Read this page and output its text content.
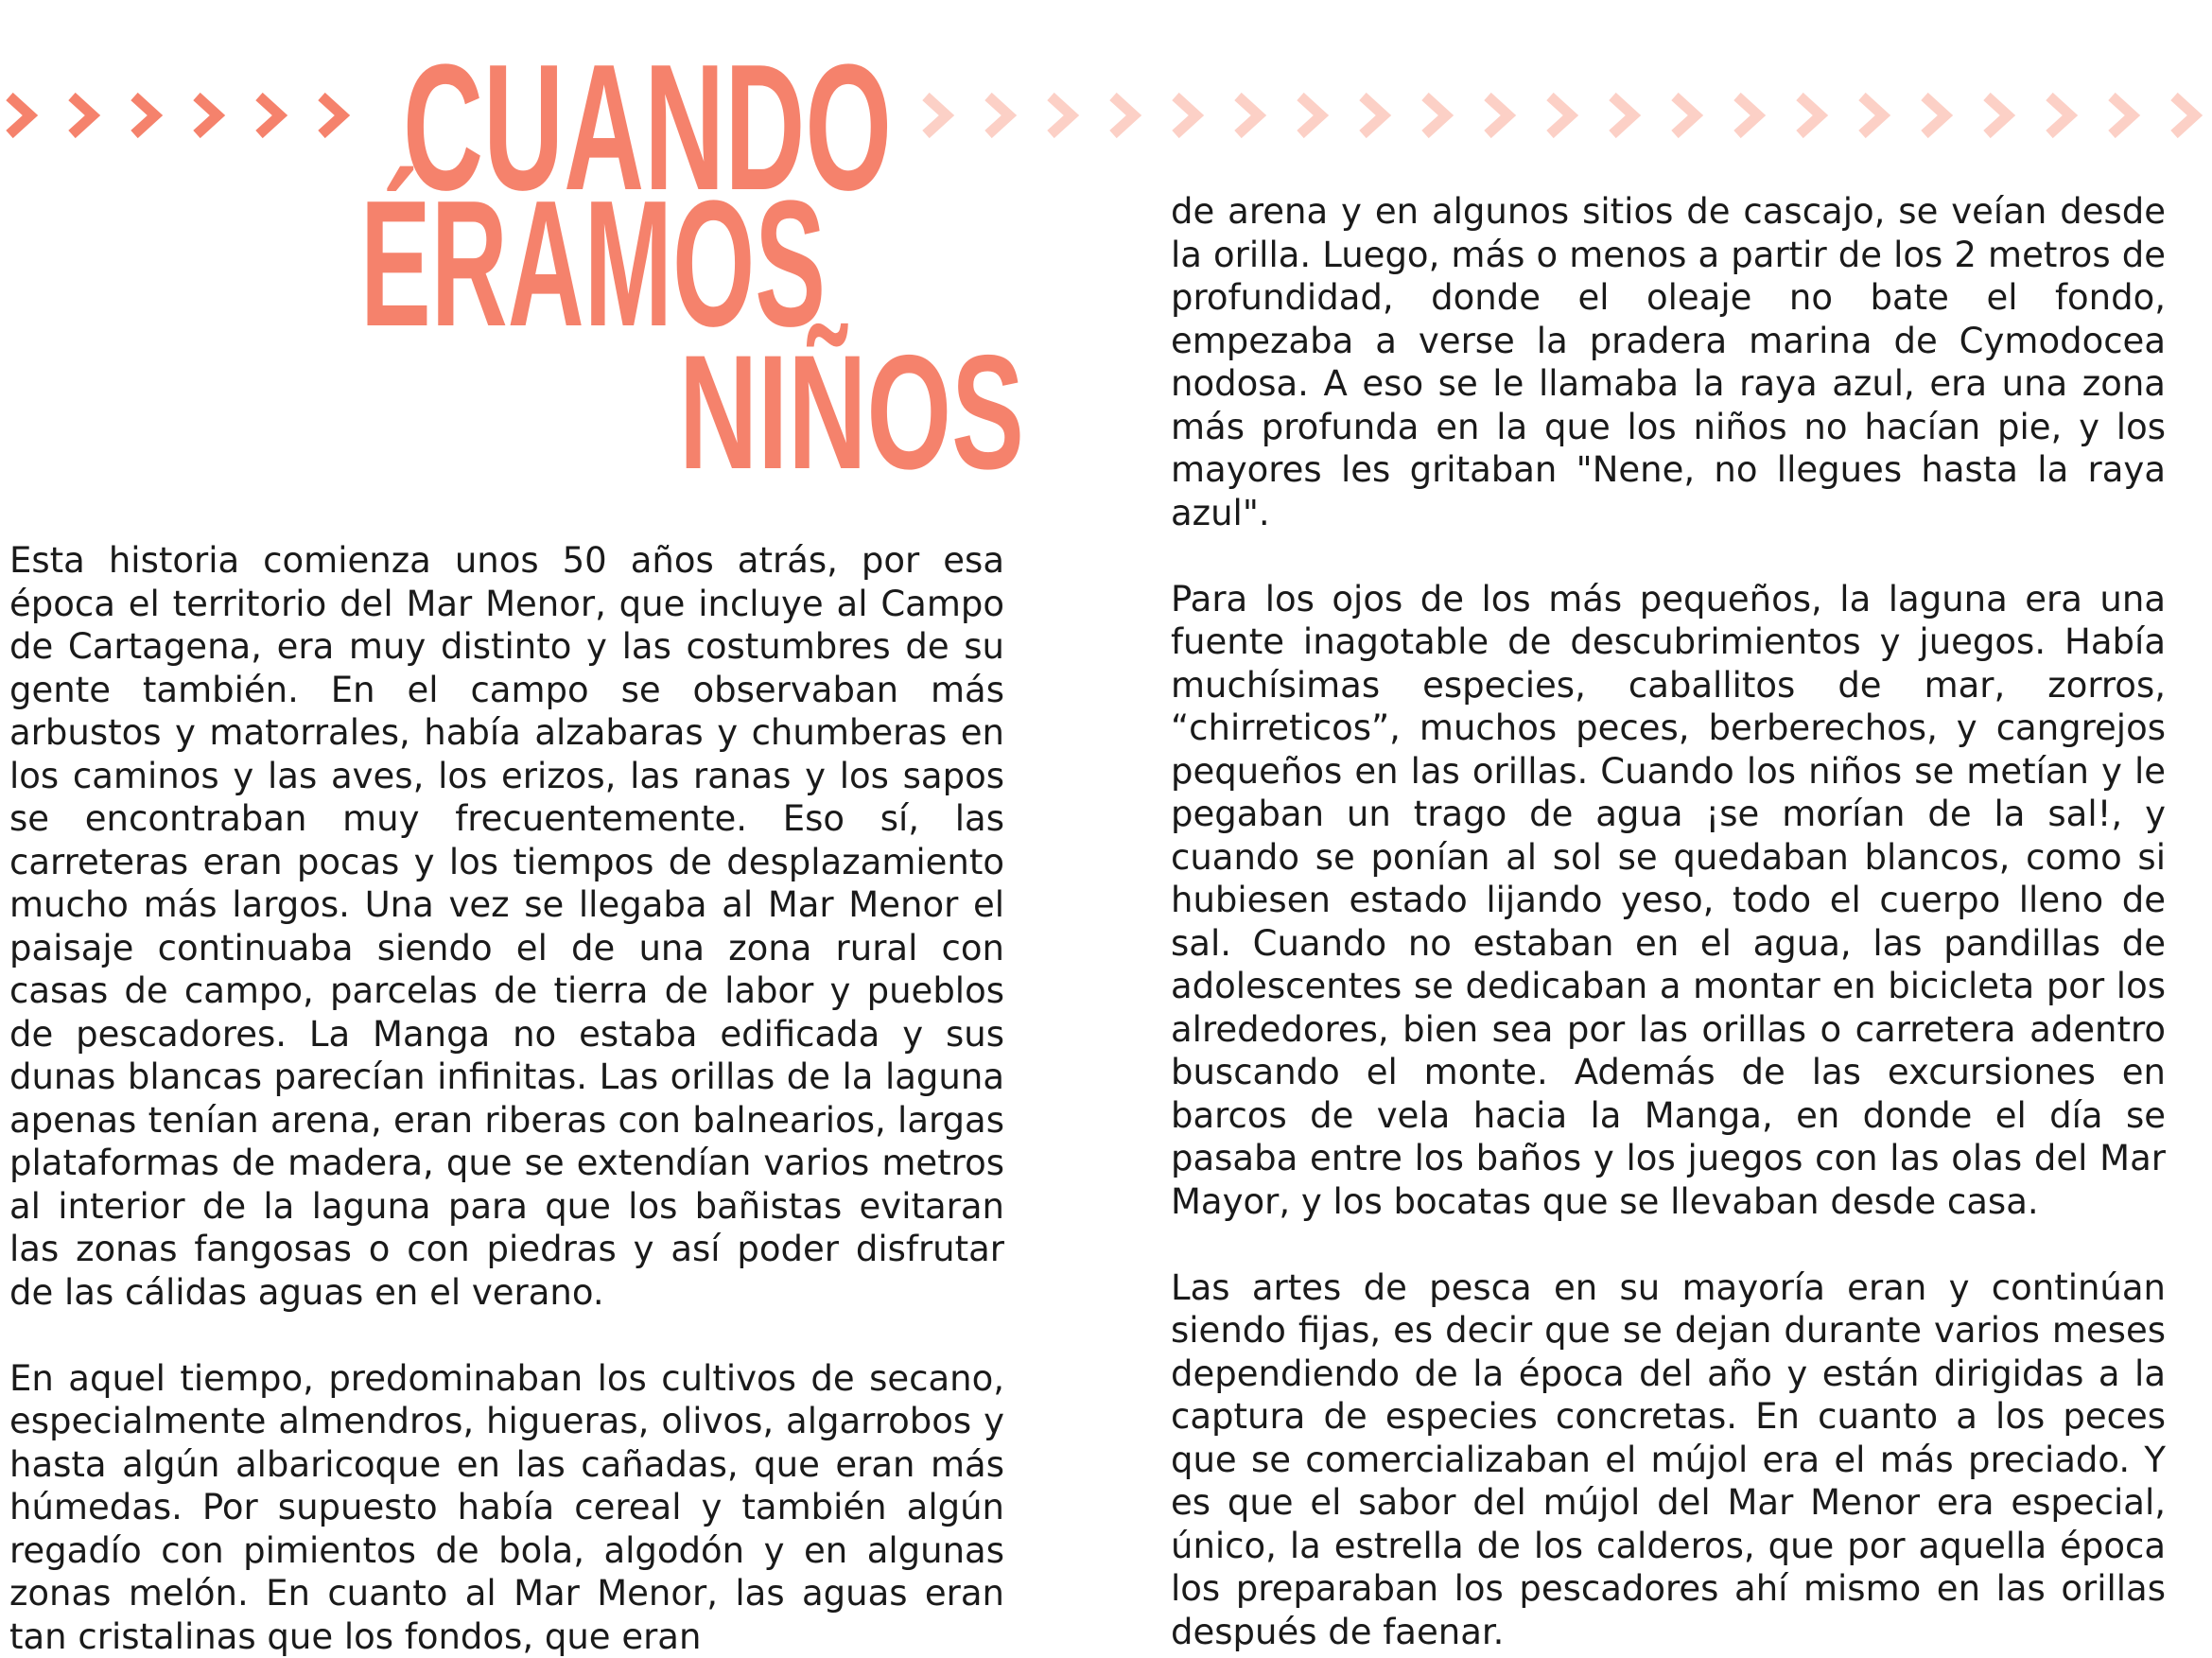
CUANDO
ÉRAMOS
NIÑOS

Esta historia comienza unos 50 años atrás, por esa época el territorio del Mar Menor, que incluye al Campo de Cartagena, era muy distinto y las costumbres de su gente también. En el campo se observaban más arbustos y matorrales, había alzabaras y chumberas en los caminos y las aves, los erizos, las ranas y los sapos se encontraban muy frecuentemente. Eso sí, las carreteras eran pocas y los tiempos de desplazamiento mucho más largos. Una vez se llegaba al Mar Menor el paisaje continuaba siendo el de una zona rural con casas de campo, parcelas de tierra de labor y pueblos de pescadores. La Manga no estaba edificada y sus dunas blancas parecían infinitas. Las orillas de la laguna apenas tenían arena, eran riberas con balnearios, largas plataformas de madera, que se extendían varios metros al interior de la laguna para que los bañistas evitaran las zonas fangosas o con piedras y así poder disfrutar de las cálidas aguas en el verano.

En aquel tiempo, predominaban los cultivos de secano, especialmente almendros, higueras, olivos, algarrobos y hasta algún albaricoque en las cañadas, que eran más húmedas. Por supuesto había cereal y también algún regadío con pimientos de bola, algodón y en algunas zonas melón. En cuanto al Mar Menor, las aguas eran tan cristalinas que los fondos, que eran

de arena y en algunos sitios de cascajo, se veían desde la orilla. Luego, más o menos a partir de los 2 metros de profundidad, donde el oleaje no bate el fondo, empezaba a verse la pradera marina de Cymodocea nodosa. A eso se le llamaba la raya azul, era una zona más profunda en la que los niños no hacían pie, y los mayores les gritaban "Nene, no llegues hasta la raya azul".

Para los ojos de los más pequeños, la laguna era una fuente inagotable de descubrimientos y juegos. Había muchísimas especies, caballitos de mar, zorros, “chirreticos”, muchos peces, berberechos, y cangrejos pequeños en las orillas. Cuando los niños se metían y le pegaban un trago de agua ¡se morían de la sal!, y cuando se ponían al sol se quedaban blancos, como si hubiesen estado lijando yeso, todo el cuerpo lleno de sal. Cuando no estaban en el agua, las pandillas de adolescentes se dedicaban a montar en bicicleta por los alrededores, bien sea por las orillas o carretera adentro buscando el monte. Además de las excursiones en barcos de vela hacia la Manga, en donde el día se pasaba entre los baños y los juegos con las olas del Mar Mayor, y los bocatas que se llevaban desde casa.

Las artes de pesca en su mayoría eran y continúan siendo fijas, es decir que se dejan durante varios meses dependiendo de la época del año y están dirigidas a la captura de especies concretas. En cuanto a los peces que se comercializaban el mújol era el más preciado. Y es que el sabor del mújol del Mar Menor era especial, único, la estrella de los calderos, que por aquella época los preparaban los pescadores ahí mismo en las orillas después de faenar.
